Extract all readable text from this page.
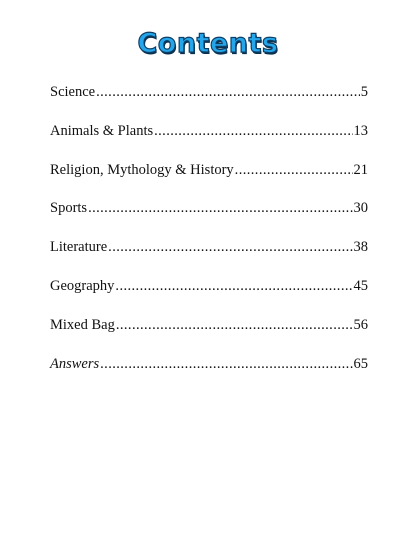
Contents
Science .....	5
Animals & Plants .....	13
Religion, Mythology & History .....	21
Sports .....	30
Literature .....	38
Geography .....	45
Mixed Bag .....	56
Answers .....	65
